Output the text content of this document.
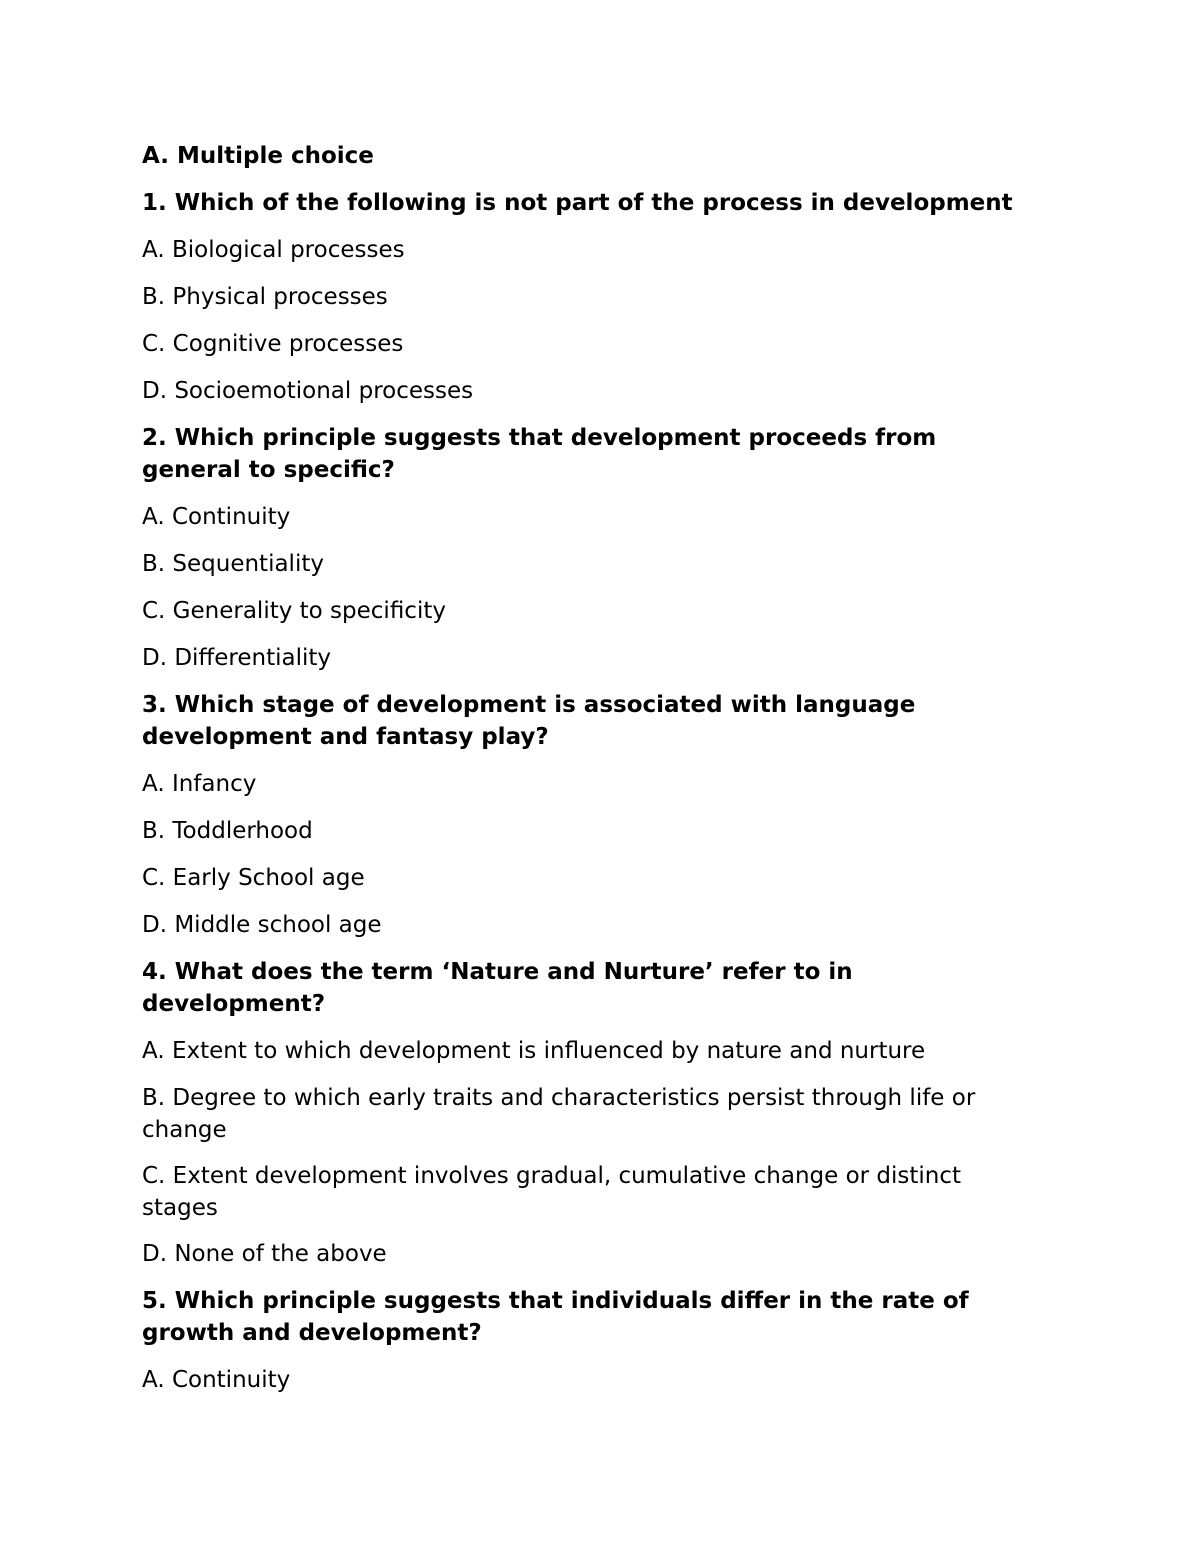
A. Multiple choice

1. Which of the following is not part of the process in development

A. Biological processes

B. Physical processes

C. Cognitive processes

D. Socioemotional processes

2. Which principle suggests that development proceeds from general to specific?

A. Continuity

B. Sequentiality

C. Generality to specificity

D. Differentiality

3. Which stage of development is associated with language development and fantasy play?

A. Infancy

B. Toddlerhood

C. Early School age

D. Middle school age

4. What does the term ‘Nature and Nurture’ refer to in development?

A. Extent to which development is influenced by nature and nurture

B. Degree to which early traits and characteristics persist through life or change

C. Extent development involves gradual, cumulative change or distinct stages

D. None of the above

5. Which principle suggests that individuals differ in the rate of growth and development?

A. Continuity
